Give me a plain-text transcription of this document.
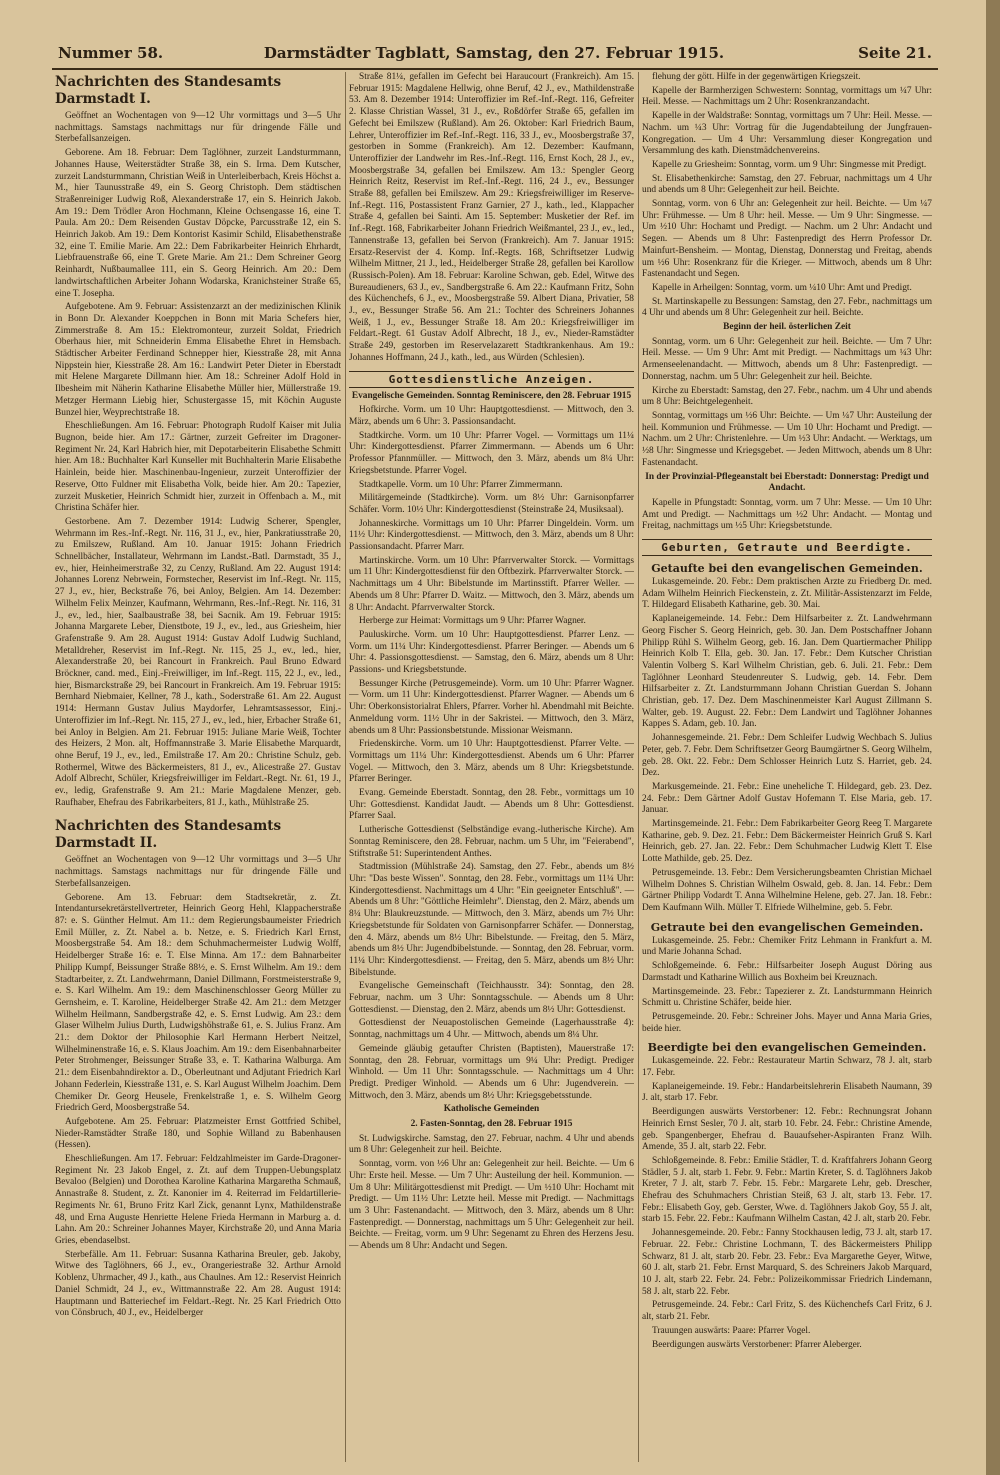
Nummer 58.	Darmstädter Tagblatt, Samstag, den 27. Februar 1915.	Seite 21.
Nachrichten des Standesamts Darmstadt I.

Geöffnet an Wochentagen von 9—12 Uhr vormittags und 3—5 Uhr nachmittags. Samstags nachmittags nur für dringende Fälle und Sterbefallsanzeigen.

Geborene. Am 18. Februar: Dem Taglöhner, zurzeit Landsturmmann, Johannes Hause, Weiterstädter Straße 38, ein S. Irma. Dem Kutscher, zurzeit Landsturmmann, Christian Weiß in Unterleiberbach, Kreis Höchst a. M., hier Taunusstraße 49, ein S. Georg Christoph. Dem städtischen Straßenreiniger Ludwig Roß, Alexanderstraße 17, ein S. Heinrich Jakob. Am 19.: Dem Trödler Aron Hochmann, Kleine Ochsengasse 16, eine T. Paula. Am 20.: Dem Reisenden Gustav Döpcke, Parcusstraße 12, ein S. Heinrich Jakob. Am 19.: Dem Kontorist Kasimir Schild, Elisabethenstraße 32, eine T. Emilie Marie. Am 22.: Dem Fabrikarbeiter Heinrich Ehrhardt, Liebfrauenstraße 66, eine T. Grete Marie. Am 21.: Dem Schreiner Georg Reinhardt, Nußbaumallee 111, ein S. Georg Heinrich. Am 20.: Dem landwirtschaftlichen Arbeiter Johann Wodarska, Kranichsteiner Straße 65, eine T. Josepha.

Aufgebotene. Am 9. Februar: Assistenzarzt an der medizinischen Klinik in Bonn Dr. Alexander Koeppchen in Bonn mit Maria Schefers hier, Zimmerstraße 8. Am 15.: Elektromonteur, zurzeit Soldat, Friedrich Oberhaus hier, mit Schneiderin Emma Elisabethe Ehret in Hemsbach. Städtischer Arbeiter Ferdinand Schnepper hier, Kiesstraße 28, mit Anna Nippstein hier, Kiesstraße 28. Am 16.: Landwirt Peter Dieter in Eberstadt mit Helene Margarete Dillmann hier. Am 18.: Schreiner Adolf Hold in Ilbesheim mit Näherin Katharine Elisabethe Müller hier, Müllerstraße 19. Metzger Hermann Liebig hier, Schustergasse 15, mit Köchin Auguste Bunzel hier, Weyprechtstraße 18.

Eheschließungen. Am 16. Februar: Photograph Rudolf Kaiser mit Julia Bugnon, beide hier. Am 17.: Gärtner, zurzeit Gefreiter im Dragoner-Regiment Nr. 24, Karl Habrich hier, mit Depotarbeiterin Elisabethe Schmitt hier. Am 18.: Buchhalter Karl Kunseller mit Buchhalterin Marie Elisabethe Hainlein, beide hier. Maschinenbau-Ingenieur, zurzeit Unteroffizier der Reserve, Otto Fuldner mit Elisabetha Volk, beide hier. Am 20.: Tapezier, zurzeit Musketier, Heinrich Schmidt hier, zurzeit in Offenbach a. M., mit Christina Schäfer hier.

Gestorbene. Am 7. Dezember 1914: Ludwig Scherer, Spengler, Wehrmann im Res.-Inf.-Regt. Nr. 116, 31 J., ev., hier, Pankratiusstraße 20, zu Emilszew, Rußland. Am 10. Januar 1915: Johann Friedrich Schnellbächer, Installateur, Wehrmann im Landst.-Batl. Darmstadt, 35 J., ev., hier, Heinheimerstraße 32, zu Cenzy, Rußland. Am 22. August 1914: Johannes Lorenz Nebrwein, Formstecher, Reservist im Inf.-Regt. Nr. 115, 27 J., ev., hier, Beckstraße 76, bei Anloy, Belgien. Am 14. Dezember: Wilhelm Felix Meinzer, Kaufmann, Wehrmann, Res.-Inf.-Regt. Nr. 116, 31 J., ev., led., hier, Saalbaustraße 38, bei Sacnik. Am 19. Februar 1915: Johanna Margarete Leber, Dienstbote, 19 J., ev., led., aus Griesheim, hier Grafenstraße 9. Am 28. August 1914: Gustav Adolf Ludwig Suchland, Metalldreher, Reservist im Inf.-Regt. Nr. 115, 25 J., ev., led., hier, Alexanderstraße 20, bei Rancourt in Frankreich. Paul Bruno Edward Bröckner, cand. med., Einj.-Freiwilliger, im Inf.-Regt. 115, 22 J., ev., led., hier, Bismarckstraße 29, bei Rancourt in Frankreich. Am 19. Februar 1915: Bernhard Niebmaier, Kellner, 78 J., kath., Soderstraße 61. Am 22. August 1914: Hermann Gustav Julius Maydorfer, Lehramtsassessor, Einj.-Unteroffizier im Inf.-Regt. Nr. 115, 27 J., ev., led., hier, Erbacher Straße 61, bei Anloy in Belgien. Am 21. Februar 1915: Juliane Marie Weiß, Tochter des Heizers, 2 Mon. alt, Hoffmannstraße 3. Marie Elisabethe Marquardt, ohne Beruf, 19 J., ev., led., Emilstraße 17. Am 20.: Christine Schulz, geb. Rothermel, Witwe des Bäckermeisters, 81 J., ev., Alicestraße 27. Gustav Adolf Albrecht, Schüler, Kriegsfreiwilliger im Feldart.-Regt. Nr. 61, 19 J., ev., ledig, Grafenstraße 9. Am 21.: Marie Magdalene Menzer, geb. Raufhaber, Ehefrau des Fabrikarbeiters, 81 J., kath., Mühlstraße 25.

Nachrichten des Standesamts Darmstadt II.

Geöffnet an Wochentagen von 9—12 Uhr vormittags und 3—5 Uhr nachmittags. Samstags nachmittags nur für dringende Fälle und Sterbefallsanzeigen.

Geborene. Am 13. Februar: dem Stadtsekretär, z. Zt. Intendantursekretärstellvertreter, Heinrich Georg Hehl, Klappacherstraße 87: e. S. Günther Helmut. Am 11.: dem Regierungsbaumeister Friedrich Emil Müller, z. Zt. Nabel a. b. Netze, e. S. Friedrich Karl Ernst, Moosbergstraße 54. Am 18.: dem Schuhmachermeister Ludwig Wolff, Heidelberger Straße 16: e. T. Else Minna. Am 17.: dem Bahnarbeiter Philipp Kumpf, Beissunger Straße 88½, e. S. Ernst Wilhelm. Am 19.: dem Stadtarbeiter, z. Zt. Landwehrmann, Daniel Dillmann, Forstmeisterstraße 9, e. S. Karl Wilhelm. Am 19.: dem Maschinenschlosser Georg Müller zu Gernsheim, e. T. Karoline, Heidelberger Straße 42. Am 21.: dem Metzger Wilhelm Heilmann, Sandbergstraße 42, e. S. Ernst Ludwig. Am 23.: dem Glaser Wilhelm Julius Durth, Ludwigshöhstraße 61, e. S. Julius Franz. Am 21.: dem Doktor der Philosophie Karl Hermann Herbert Neitzel, Wilhelminenstraße 16, e. S. Klaus Joachim. Am 19.: dem Eisenbahnarbeiter Peter Strohmenger, Beissunger Straße 33, e. T. Katharina Walburga. Am 21.: dem Eisenbahndirektor a. D., Oberleutnant und Adjutant Friedrich Karl Johann Federlein, Kiesstraße 131, e. S. Karl August Wilhelm Joachim. Dem Chemiker Dr. Georg Heusele, Frenkelstraße 1, e. S. Wilhelm Georg Friedrich Gerd, Moosbergstraße 54.

Aufgebotene. Am 25. Februar: Platzmeister Ernst Gottfried Schibel, Nieder-Ramstädter Straße 180, und Sophie Willand zu Babenhausen (Hessen).

Eheschließungen. Am 17. Februar: Feldzahlmeister im Garde-Dragoner-Regiment Nr. 23 Jakob Engel, z. Zt. auf dem Truppen-Uebungsplatz Bevaloo (Belgien) und Dorothea Karoline Katharina Margaretha Schmauß, Annastraße 8. Student, z. Zt. Kanonier im 4. Reiterrad im Feldartillerie-Regiments Nr. 61, Bruno Fritz Karl Zick, genannt Lynx, Mathildenstraße 48, und Erna Auguste Henriette Helene Frieda Hermann in Marburg a. d. Lahn. Am 20.: Schreiner Johannes Mayer, Kirchstraße 20, und Anna Maria Gries, ebendaselbst.

Sterbefälle. Am 11. Februar: Susanna Katharina Breuler, geb. Jakoby, Witwe des Taglöhners, 66 J., ev., Orangeriestraße 32. Arthur Arnold Koblenz, Uhrmacher, 49 J., kath., aus Chaulnes. Am 12.: Reservist Heinrich Daniel Schmidt, 24 J., ev., Wittmannstraße 22. Am 28. August 1914: Hauptmann und Batteriechef im Feldart.-Regt. Nr. 25 Karl Friedrich Otto von Cönsbruch, 40 J., ev., Heidelberger

Straße 81¼, gefallen im Gefecht bei Haraucourt (Frankreich). Am 15. Februar 1915: Magdalene Hellwig, ohne Beruf, 42 J., ev., Mathildenstraße 53. Am 8. Dezember 1914: Unteroffizier im Ref.-Inf.-Regt. 116, Gefreiter 2. Klasse Christian Wassel, 31 J., ev., Roßdörfer Straße 65, gefallen im Gefecht bei Emilszew (Rußland). Am 26. Oktober: Karl Friedrich Baum, Lehrer, Unteroffizier im Ref.-Inf.-Regt. 116, 33 J., ev., Moosbergstraße 37, gestorben in Somme (Frankreich). Am 12. Dezember: Kaufmann, Unteroffizier der Landwehr im Res.-Inf.-Regt. 116, Ernst Koch, 28 J., ev., Moosbergstraße 34, gefallen bei Emilszew. Am 13.: Spengler Georg Heinrich Reitz, Reservist im Ref.-Inf.-Regt. 116, 24 J., ev., Bessunger Straße 88, gefallen bei Emilszew. Am 29.: Kriegsfreiwilliger im Reserve-Inf.-Regt. 116, Postassistent Franz Garnier, 27 J., kath., led., Klappacher Straße 4, gefallen bei Sainti. Am 15. September: Musketier der Ref. im Inf.-Regt. 168, Fabrikarbeiter Johann Friedrich Weißmantel, 23 J., ev., led., Tannenstraße 13, gefallen bei Servon (Frankreich). Am 7. Januar 1915: Ersatz-Reservist der 4. Komp. Inf.-Regts. 168, Schriftsetzer Ludwig Wilhelm Mittner, 21 J., led., Heidelberger Straße 28, gefallen bei Karollow (Russisch-Polen). Am 18. Februar: Karoline Schwan, geb. Edel, Witwe des Bureaudieners, 63 J., ev., Sandbergstraße 6. Am 22.: Kaufmann Fritz, Sohn des Küchenchefs, 6 J., ev., Moosbergstraße 59. Albert Diana, Privatier, 58 J., ev., Bessunger Straße 56. Am 21.: Tochter des Schreiners Johannes Weiß, 1 J., ev., Bessunger Straße 18. Am 20.: Kriegsfreiwilliger im Feldart.-Regt. 61 Gustav Adolf Albrecht, 18 J., ev., Nieder-Ramstädter Straße 249, gestorben im Reservelazarett Stadtkrankenhaus. Am 19.: Johannes Hoffmann, 24 J., kath., led., aus Würden (Schlesien).

Gottesdienstliche Anzeigen.
Evangelische Gemeinden. Sonntag Reminiscere, den 28. Februar 1915

Hofkirche. Vorm. um 10 Uhr: Hauptgottesdienst. — Mittwoch, den 3. März, abends um 6 Uhr: 3. Passionsandacht.

Stadtkirche. Vorm. um 10 Uhr: Pfarrer Vogel. — Vormittags um 11¼ Uhr: Kindergottesdienst. Pfarrer Zimmermann. — Abends um 6 Uhr: Professor Pfannmüller. — Mittwoch, den 3. März, abends um 8¼ Uhr: Kriegsbetstunde. Pfarrer Vogel.

Stadtkapelle. Vorm. um 10 Uhr: Pfarrer Zimmermann.

Militärgemeinde (Stadtkirche). Vorm. um 8½ Uhr: Garnisonpfarrer Schäfer. Vorm. 10½ Uhr: Kindergottesdienst (Steinstraße 24, Musiksaal).

Johanneskirche. Vormittags um 10 Uhr: Pfarrer Dingeldein. Vorm. um 11½ Uhr: Kindergottesdienst. — Mittwoch, den 3. März, abends um 8 Uhr: Passionsandacht. Pfarrer Marr.

Martinskirche. Vorm. um 10 Uhr: Pfarrverwalter Storck. — Vormittags um 11 Uhr: Kindergottesdienst für den Oftbezirk. Pfarrverwalter Storck. — Nachmittags um 4 Uhr: Bibelstunde im Martinsstift. Pfarrer Weller. — Abends um 8 Uhr: Pfarrer D. Waitz. — Mittwoch, den 3. März, abends um 8 Uhr: Andacht. Pfarrverwalter Storck.

Herberge zur Heimat: Vormittags um 9 Uhr: Pfarrer Wagner.

Pauluskirche. Vorm. um 10 Uhr: Hauptgottesdienst. Pfarrer Lenz. — Vorm. um 11¼ Uhr: Kindergottesdienst. Pfarrer Beringer. — Abends um 6 Uhr: 4. Passionsgottesdienst. — Samstag, den 6. März, abends um 8 Uhr: Passions- und Kriegsbetstunde.

Bessunger Kirche (Petrusgemeinde). Vorm. um 10 Uhr: Pfarrer Wagner. — Vorm. um 11 Uhr: Kindergottesdienst. Pfarrer Wagner. — Abends um 6 Uhr: Oberkonsistorialrat Ehlers, Pfarrer. Vorher hl. Abendmahl mit Beichte. Anmeldung vorm. 11½ Uhr in der Sakristei. — Mittwoch, den 3. März, abends um 8 Uhr: Passionsbetstunde. Missionar Weismann.

Friedenskirche. Vorm. um 10 Uhr: Hauptgottesdienst. Pfarrer Velte. — Vormittags um 11¼ Uhr: Kindergottesdienst. Abends um 6 Uhr: Pfarrer Vogel. — Mittwoch, den 3. März, abends um 8 Uhr: Kriegsbetstunde. Pfarrer Beringer.

Evang. Gemeinde Eberstadt. Sonntag, den 28. Febr., vormittags um 10 Uhr: Gottesdienst. Kandidat Jaudt. — Abends um 8 Uhr: Gottesdienst. Pfarrer Saal.

Lutherische Gottesdienst (Selbständige evang.-lutherische Kirche). Am Sonntag Reminiscere, den 28. Februar, nachm. um 5 Uhr, im "Feierabend", Stiftstraße 51: Superintendent Anthes.

Stadtmission (Mühlstraße 24). Samstag, den 27. Febr., abends um 8½ Uhr: "Das beste Wissen". Sonntag, den 28. Febr., vormittags um 11¼ Uhr: Kindergottesdienst. Nachmittags um 4 Uhr: "Ein geeigneter Entschluß". — Abends um 8 Uhr: "Göttliche Heimlehr". Dienstag, den 2. März, abends um 8¼ Uhr: Blaukreuzstunde. — Mittwoch, den 3. März, abends um 7½ Uhr: Kriegsbetstunde für Soldaten von Garnisonpfarrer Schäfer. — Donnerstag, den 4. März, abends um 8½ Uhr: Bibelstunde. — Freitag, den 5. März, abends um 8½ Uhr: Jugendbibelstunde. — Sonntag, den 28. Februar, vorm. 11¼ Uhr: Kindergottesdienst. — Freitag, den 5. März, abends um 8½ Uhr: Bibelstunde.

Evangelische Gemeinschaft (Teichhausstr. 34): Sonntag, den 28. Februar, nachm. um 3 Uhr: Sonntagsschule. — Abends um 8 Uhr: Gottesdienst. — Dienstag, den 2. März, abends um 8½ Uhr: Gottesdienst.

Gottesdienst der Neuapostolischen Gemeinde (Lagerhausstraße 4): Sonntag, nachmittags um 4 Uhr. — Mittwoch, abends um 8¼ Uhr.

Gemeinde gläubig getaufter Christen (Baptisten), Mauerstraße 17: Sonntag, den 28. Februar, vormittags um 9¼ Uhr: Predigt. Prediger Winhold. — Um 11 Uhr: Sonntagsschule. — Nachmittags um 4 Uhr: Predigt. Prediger Winhold. — Abends um 6 Uhr: Jugendverein. — Mittwoch, den 3. März, abends um 8½ Uhr: Kriegsgebetsstunde.

Katholische Gemeinden
2. Fasten-Sonntag, den 28. Februar 1915

St. Ludwigskirche. Samstag, den 27. Februar, nachm. 4 Uhr und abends um 8 Uhr: Gelegenheit zur heil. Beichte.

Sonntag, vorm. von ½6 Uhr an: Gelegenheit zur heil. Beichte. — Um 6 Uhr: Erste heil. Messe. — Um 7 Uhr: Austeilung der heil. Kommunion. — Um 8 Uhr: Militärgottesdienst mit Predigt. — Um ½10 Uhr: Hochamt mit Predigt. — Um 11½ Uhr: Letzte heil. Messe mit Predigt. — Nachmittags um 3 Uhr: Fastenandacht. — Mittwoch, den 3. März, abends um 8 Uhr: Fastenpredigt. — Donnerstag, nachmittags um 5 Uhr: Gelegenheit zur heil. Beichte. — Freitag, vorm. um 9 Uhr: Segenamt zu Ehren des Herzens Jesu. — Abends um 8 Uhr: Andacht und Segen.

flehung der gött. Hilfe in der gegenwärtigen Kriegszeit.

Kapelle der Barmherzigen Schwestern: Sonntag, vormittags um ¼7 Uhr: Heil. Messe. — Nachmittags um 2 Uhr: Rosenkranzandacht.

Kapelle in der Waldstraße: Sonntag, vormittags um 7 Uhr: Heil. Messe. — Nachm. um ¼3 Uhr: Vortrag für die Jugendabteilung der Jungfrauen-Kongregation. — Um 4 Uhr: Versammlung dieser Kongregation und Versammlung des kath. Dienstmädchenvereins.

Kapelle zu Griesheim: Sonntag, vorm. um 9 Uhr: Singmesse mit Predigt.

St. Elisabethenkirche: Samstag, den 27. Februar, nachmittags um 4 Uhr und abends um 8 Uhr: Gelegenheit zur heil. Beichte.

Sonntag, vorm. von 6 Uhr an: Gelegenheit zur heil. Beichte. — Um ¼7 Uhr: Frühmesse. — Um 8 Uhr: heil. Messe. — Um 9 Uhr: Singmesse. — Um ½10 Uhr: Hochamt und Predigt. — Nachm. um 2 Uhr: Andacht und Segen. — Abends um 8 Uhr: Fastenpredigt des Herrn Professor Dr. Mainfurt-Bensheim. — Montag, Dienstag, Donnerstag und Freitag, abends um ½6 Uhr: Rosenkranz für die Krieger. — Mittwoch, abends um 8 Uhr: Fastenandacht und Segen.

Kapelle in Arheilgen: Sonntag, vorm. um ¼10 Uhr: Amt und Predigt.

St. Martinskapelle zu Bessungen: Samstag, den 27. Febr., nachmittags um 4 Uhr und abends um 8 Uhr: Gelegenheit zur heil. Beichte.

Beginn der heil. österlichen Zeit

Sonntag, vorm. um 6 Uhr: Gelegenheit zur heil. Beichte. — Um 7 Uhr: Heil. Messe. — Um 9 Uhr: Amt mit Predigt. — Nachmittags um ¼3 Uhr: Armenseelenandacht. — Mittwoch, abends um 8 Uhr: Fastenpredigt. — Donnerstag, nachm. um 5 Uhr: Gelegenheit zur heil. Beichte.

Kirche zu Eberstadt: Samstag, den 27. Febr., nachm. um 4 Uhr und abends um 8 Uhr: Beichtgelegenheit.

Sonntag, vormittags um ½6 Uhr: Beichte. — Um ¼7 Uhr: Austeilung der heil. Kommunion und Frühmesse. — Um 10 Uhr: Hochamt und Predigt. — Nachm. um 2 Uhr: Christenlehre. — Um ½3 Uhr: Andacht. — Werktags, um ½8 Uhr: Singmesse und Kriegsgebet. — Jeden Mittwoch, abends um 8 Uhr: Fastenandacht.

In der Provinzial-Pflegeanstalt bei Eberstadt: Donnerstag: Predigt und Andacht.

Kapelle in Pfungstadt: Sonntag, vorm. um 7 Uhr: Messe. — Um 10 Uhr: Amt und Predigt. — Nachmittags um ½2 Uhr: Andacht. — Montag und Freitag, nachmittags um ½5 Uhr: Kriegsbetstunde.

Geburten, Getraute und Beerdigte.
Getaufte bei den evangelischen Gemeinden.

Lukasgemeinde. 20. Febr.: Dem praktischen Arzte zu Friedberg Dr. med. Adam Wilhelm Heinrich Fieckenstein, z. Zt. Militär-Assistenzarzt im Felde, T. Hildegard Elisabeth Katharine, geb. 30. Mai.

Kaplaneigemeinde. 14. Febr.: Dem Hilfsarbeiter z. Zt. Landwehrmann Georg Fischer S. Georg Heinrich, geb. 30. Jan. Dem Postschaffner Johann Philipp Rühl S. Wilhelm Georg, geb. 16. Jan. Dem Quartiermacher Philipp Heinrich Kolb T. Ella, geb. 30. Jan. 17. Febr.: Dem Kutscher Christian Valentin Volberg S. Karl Wilhelm Christian, geb. 6. Juli. 21. Febr.: Dem Taglöhner Leonhard Steudenreuter S. Ludwig, geb. 14. Febr. Dem Hilfsarbeiter z. Zt. Landsturmmann Johann Christian Guerdan S. Johann Christian, geb. 17. Dez. Dem Maschinenmeister Karl August Zillmann S. Walter, geb. 19. August. 22. Febr.: Dem Landwirt und Taglöhner Johannes Kappes S. Adam, geb. 10. Jan.

Johannesgemeinde. 21. Febr.: Dem Schleifer Ludwig Wechbach S. Julius Peter, geb. 7. Febr. Dem Schriftsetzer Georg Baumgärtner S. Georg Wilhelm, geb. 28. Okt. 22. Febr.: Dem Schlosser Heinrich Lutz S. Harriet, geb. 24. Dez.

Markusgemeinde. 21. Febr.: Eine uneheliche T. Hildegard, geb. 23. Dez. 24. Febr.: Dem Gärtner Adolf Gustav Hofemann T. Else Maria, geb. 17. Januar.

Martinsgemeinde. 21. Febr.: Dem Fabrikarbeiter Georg Reeg T. Margarete Katharine, geb. 9. Dez. 21. Febr.: Dem Bäckermeister Heinrich Gruß S. Karl Heinrich, geb. 27. Jan. 22. Febr.: Dem Schuhmacher Ludwig Klett T. Else Lotte Mathilde, geb. 25. Dez.

Petrusgemeinde. 13. Febr.: Dem Versicherungsbeamten Christian Michael Wilhelm Dohnes S. Christian Wilhelm Oswald, geb. 8. Jan. 14. Febr.: Dem Gärtner Philipp Vodardt T. Anna Wilhelmine Helene, geb. 27. Jan. 18. Febr.: Dem Kaufmann Wilh. Müller T. Elfriede Wilhelmine, geb. 5. Febr.

Getraute bei den evangelischen Gemeinden.

Lukasgemeinde. 25. Febr.: Chemiker Fritz Lehmann in Frankfurt a. M. und Marie Johanna Schad.

Schloßgemeinde. 6. Febr.: Hilfsarbeiter Joseph August Döring aus Darmstadt und Katharine Willich aus Boxheim bei Kreuznach.

Martinsgemeinde. 23. Febr.: Tapezierer z. Zt. Landsturmmann Heinrich Schmitt u. Christine Schäfer, beide hier.

Petrusgemeinde. 20. Febr.: Schreiner Johs. Mayer und Anna Maria Gries, beide hier.

Beerdigte bei den evangelischen Gemeinden.

Lukasgemeinde. 22. Febr.: Restaurateur Martin Schwarz, 78 J. alt, starb 17. Febr.

Kaplaneigemeinde. 19. Febr.: Handarbeitslehrerin Elisabeth Naumann, 39 J. alt, starb 17. Febr.

Beerdigungen auswärts Verstorbener: 12. Febr.: Rechnungsrat Johann Heinrich Ernst Sesler, 70 J. alt, starb 10. Febr. 24. Febr.: Christine Amende, geb. Spangenberger, Ehefrau d. Bauaufseher-Aspiranten Franz Wilh. Amende, 35 J. alt, starb 22. Febr.

Schloßgemeinde. 8. Febr.: Emilie Städler, T. d. Kraftfahrers Johann Georg Städler, 5 J. alt, starb 1. Febr. 9. Febr.: Martin Kreter, S. d. Taglöhners Jakob Kreter, 7 J. alt, starb 7. Febr. 15. Febr.: Margarete Lehr, geb. Drescher, Ehefrau des Schuhmachers Christian Steiß, 63 J. alt, starb 13. Febr. 17. Febr.: Elisabeth Goy, geb. Gerster, Wwe. d. Taglöhners Jakob Goy, 55 J. alt, starb 15. Febr. 22. Febr.: Kaufmann Wilhelm Castan, 42 J. alt, starb 20. Febr.

Johannesgemeinde. 20. Febr.: Fanny Stockhausen ledig, 73 J. alt, starb 17. Februar. 22. Febr.: Christine Lochmann, T. des Bäckermeisters Philipp Schwarz, 81 J. alt, starb 20. Febr. 23. Febr.: Eva Margarethe Geyer, Witwe, 60 J. alt, starb 21. Febr. Ernst Marquard, S. des Schreiners Jakob Marquard, 10 J. alt, starb 22. Febr. 24. Febr.: Polizeikommissar Friedrich Lindemann, 58 J. alt, starb 22. Febr.

Petrusgemeinde. 24. Febr.: Carl Fritz, S. des Küchenchefs Carl Fritz, 6 J. alt, starb 21. Febr.

Trauungen auswärts: Paare: Pfarrer Vogel.

Beerdigungen auswärts Verstorbener: Pfarrer Aleberger.
